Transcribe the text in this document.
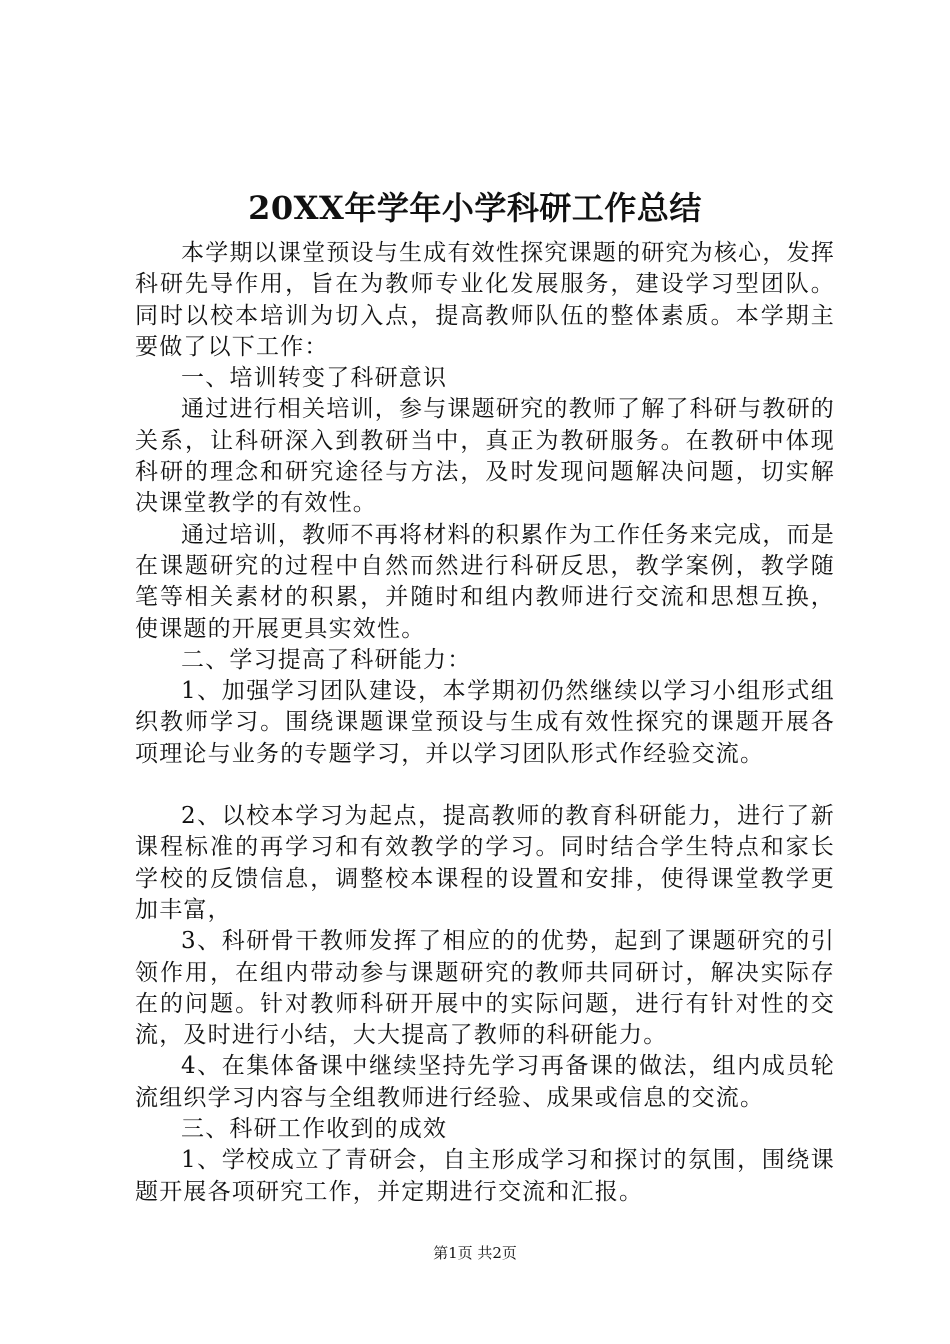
20XX年学年小学科研工作总结

本学期以课堂预设与生成有效性探究课题的研究为核心，发挥科研先导作用，旨在为教师专业化发展服务，建设学习型团队。同时以校本培训为切入点，提高教师队伍的整体素质。本学期主要做了以下工作：

一、培训转变了科研意识

通过进行相关培训，参与课题研究的教师了解了科研与教研的关系，让科研深入到教研当中，真正为教研服务。在教研中体现科研的理念和研究途径与方法，及时发现问题解决问题，切实解决课堂教学的有效性。

通过培训，教师不再将材料的积累作为工作任务来完成，而是在课题研究的过程中自然而然进行科研反思，教学案例，教学随笔等相关素材的积累，并随时和组内教师进行交流和思想互换，使课题的开展更具实效性。

二、学习提高了科研能力：

1、加强学习团队建设，本学期初仍然继续以学习小组形式组织教师学习。围绕课题课堂预设与生成有效性探究的课题开展各项理论与业务的专题学习，并以学习团队形式作经验交流。

2、以校本学习为起点，提高教师的教育科研能力，进行了新课程标准的再学习和有效教学的学习。同时结合学生特点和家长学校的反馈信息，调整校本课程的设置和安排，使得课堂教学更加丰富，

3、科研骨干教师发挥了相应的的优势，起到了课题研究的引领作用，在组内带动参与课题研究的教师共同研讨，解决实际存在的问题。针对教师科研开展中的实际问题，进行有针对性的交流，及时进行小结，大大提高了教师的科研能力。

4、在集体备课中继续坚持先学习再备课的做法，组内成员轮流组织学习内容与全组教师进行经验、成果或信息的交流。

三、科研工作收到的成效

1、学校成立了青研会，自主形成学习和探讨的氛围，围绕课题开展各项研究工作，并定期进行交流和汇报。

第1页 共2页
